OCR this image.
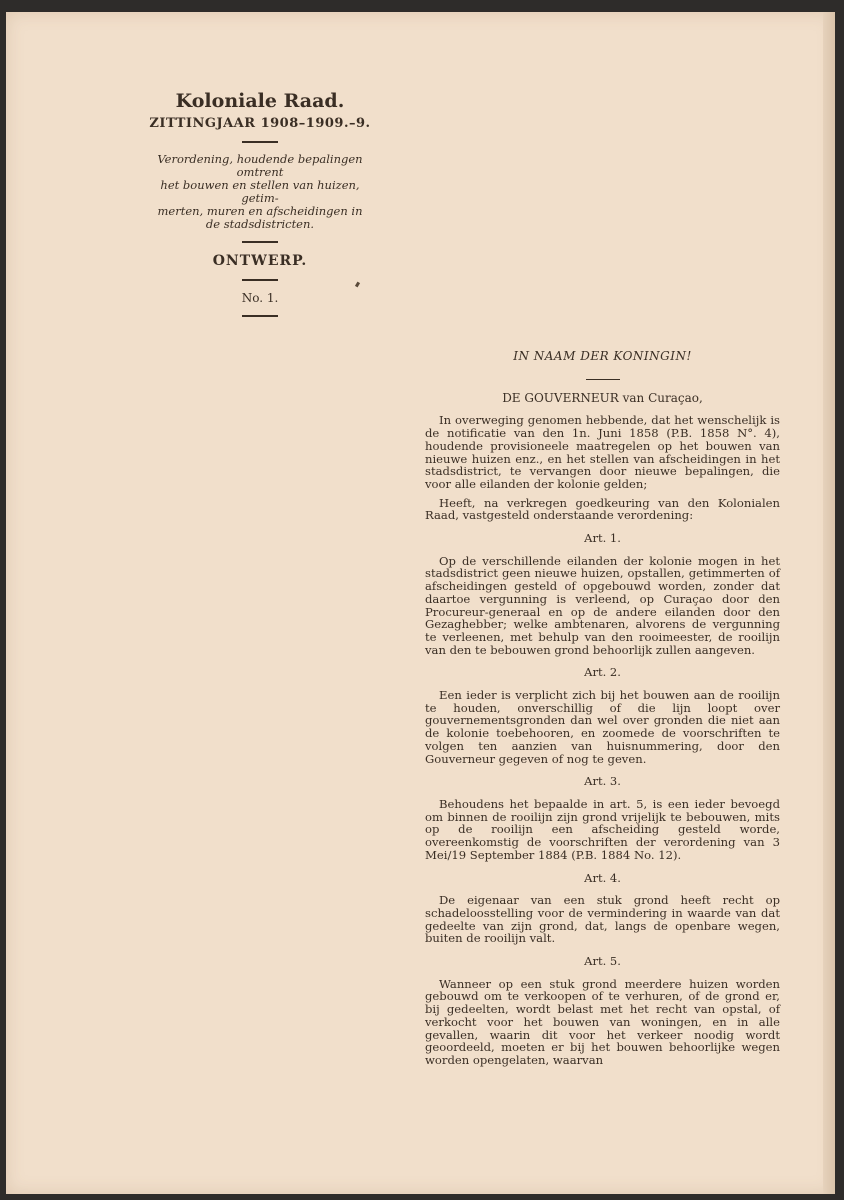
Koloniale Raad.
ZITTINGJAAR 1908–1909.–9.
Verordening, houdende bepalingen omtrent
het bouwen en stellen van huizen, getim-
merten, muren en afscheidingen in
de stadsdistricten.
ONTWERP.
No. 1.
IN NAAM DER KONINGIN!
DE GOUVERNEUR van Curaçao,

In overweging genomen hebbende, dat het wenschelijk is de notificatie van den 1n. Juni 1858 (P.B. 1858 N°. 4), houdende provisioneele maatregelen op het bouwen van nieuwe huizen enz., en het stellen van afscheidingen in het stadsdistrict, te vervangen door nieuwe bepalingen, die voor alle eilanden der kolonie gelden;

Heeft, na verkregen goedkeuring van den Kolonialen Raad, vastgesteld onderstaande verordening:

Art. 1.

Op de verschillende eilanden der kolonie mogen in het stadsdistrict geen nieuwe huizen, opstallen, getimmerten of afscheidingen gesteld of opgebouwd worden, zonder dat daartoe vergunning is verleend, op Curaçao door den Procureur-generaal en op de andere eilanden door den Gezaghebber; welke ambtenaren, alvorens de vergunning te verleenen, met behulp van den rooimeester, de rooilijn van den te bebouwen grond behoorlijk zullen aangeven.

Art. 2.

Een ieder is verplicht zich bij het bouwen aan de rooilijn te houden, onverschillig of die lijn loopt over gouvernementsgronden dan wel over gronden die niet aan de kolonie toebehooren, en zoomede de voorschriften te volgen ten aanzien van huisnummering, door den Gouverneur gegeven of nog te geven.

Art. 3.

Behoudens het bepaalde in art. 5, is een ieder bevoegd om binnen de rooilijn zijn grond vrijelijk te bebouwen, mits op de rooilijn een afscheiding gesteld worde, overeenkomstig de voorschriften der verordening van 3 Mei/19 September 1884 (P.B. 1884 No. 12).

Art. 4.

De eigenaar van een stuk grond heeft recht op schadeloosstelling voor de vermindering in waarde van dat gedeelte van zijn grond, dat, langs de openbare wegen, buiten de rooilijn valt.

Art. 5.

Wanneer op een stuk grond meerdere huizen worden gebouwd om te verkoopen of te verhuren, of de grond er, bij gedeelten, wordt belast met het recht van opstal, of verkocht voor het bouwen van woningen, en in alle gevallen, waarin dit voor het verkeer noodig wordt geoordeeld, moeten er bij het bouwen behoorlijke wegen worden opengelaten, waarvan
